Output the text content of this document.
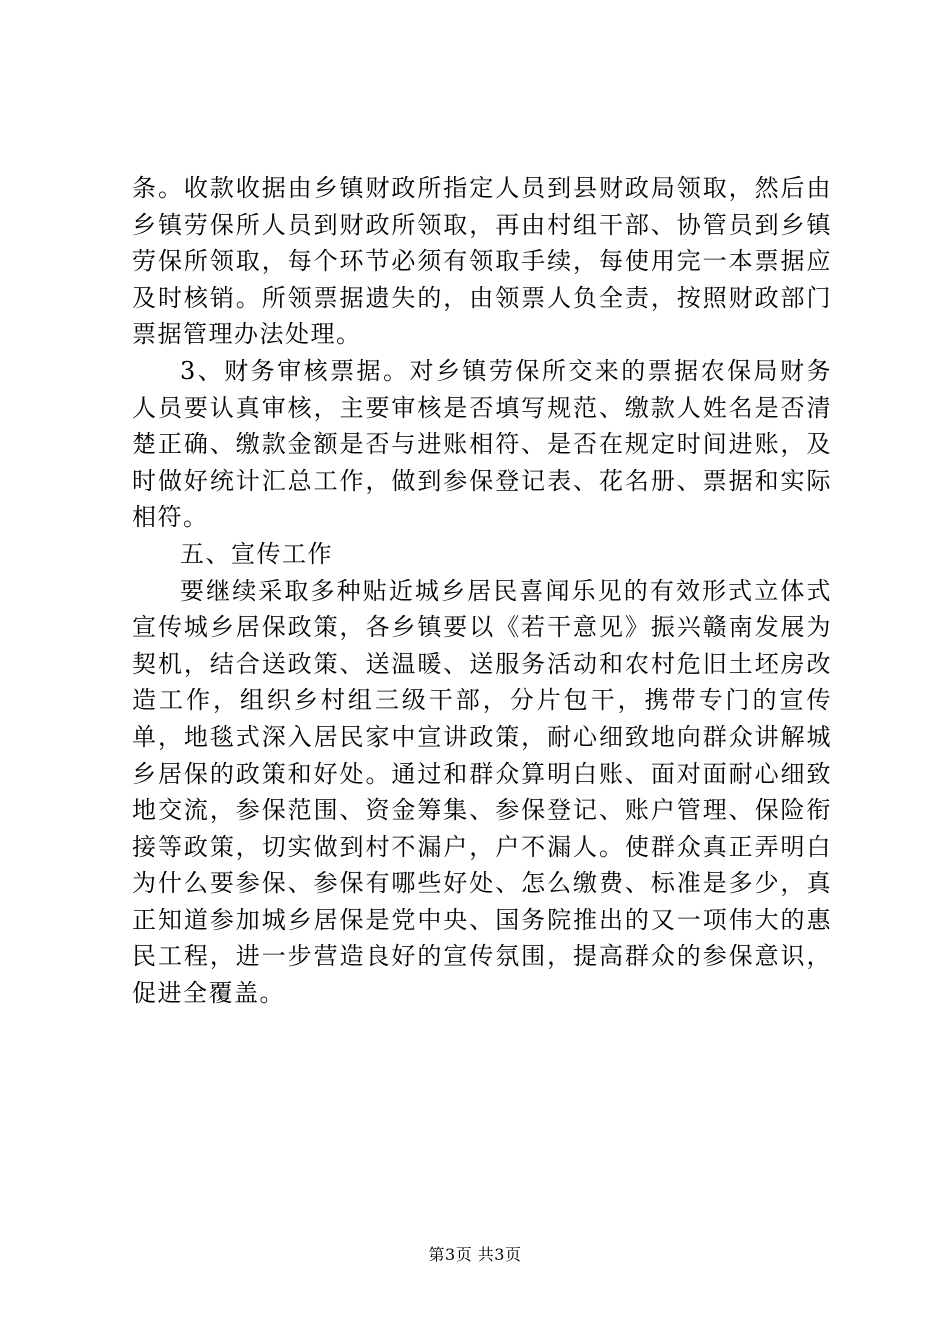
条。收款收据由乡镇财政所指定人员到县财政局领取，然后由乡镇劳保所人员到财政所领取，再由村组干部、协管员到乡镇劳保所领取，每个环节必须有领取手续，每使用完一本票据应及时核销。所领票据遗失的，由领票人负全责，按照财政部门票据管理办法处理。

3、财务审核票据。对乡镇劳保所交来的票据农保局财务人员要认真审核，主要审核是否填写规范、缴款人姓名是否清楚正确、缴款金额是否与进账相符、是否在规定时间进账，及时做好统计汇总工作，做到参保登记表、花名册、票据和实际相符。

五、宣传工作

要继续采取多种贴近城乡居民喜闻乐见的有效形式立体式宣传城乡居保政策，各乡镇要以《若干意见》振兴赣南发展为契机，结合送政策、送温暖、送服务活动和农村危旧土坯房改造工作，组织乡村组三级干部，分片包干，携带专门的宣传单，地毯式深入居民家中宣讲政策，耐心细致地向群众讲解城乡居保的政策和好处。通过和群众算明白账、面对面耐心细致地交流，参保范围、资金筹集、参保登记、账户管理、保险衔接等政策，切实做到村不漏户，户不漏人。使群众真正弄明白为什么要参保、参保有哪些好处、怎么缴费、标准是多少，真正知道参加城乡居保是党中央、国务院推出的又一项伟大的惠民工程，进一步营造良好的宣传氛围，提高群众的参保意识，促进全覆盖。

第3页 共3页
